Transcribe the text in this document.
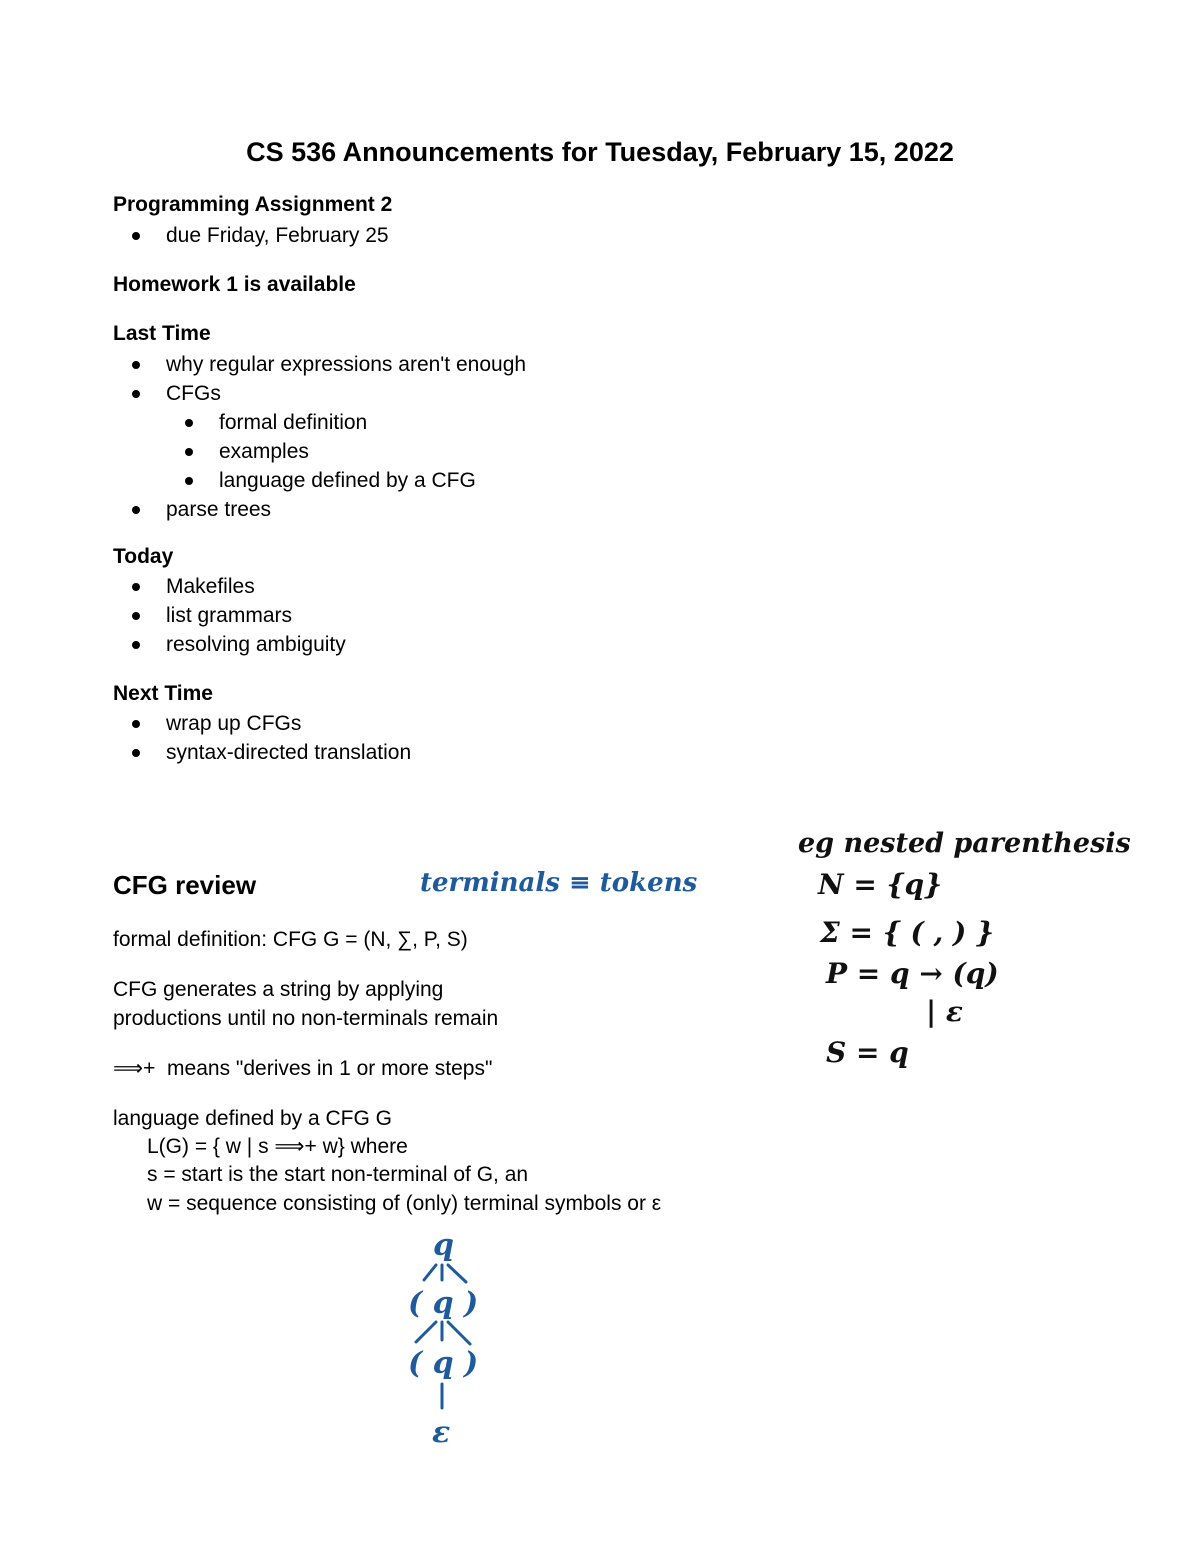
CS 536 Announcements for Tuesday, February 15, 2022
Programming Assignment 2
due Friday, February 25
Homework 1 is available
Last Time
why regular expressions aren't enough
CFGs
formal definition
examples
language defined by a CFG
parse trees
Today
Makefiles
list grammars
resolving ambiguity
Next Time
wrap up CFGs
syntax-directed translation
CFG review
formal definition: CFG G = (N, ∑, P, S)
CFG generates a string by applying
productions until no non-terminals remain
⟹+  means "derives in 1 or more steps"
language defined by a CFG G
L(G) = { w | s ⟹+ w} where
s = start is the start non-terminal of G, an
w = sequence consisting of (only) terminal symbols or ε
terminals ≡ tokens
eg nested parenthesis
N = {q}
Σ = { ( , ) }
P = q → (q)
| ε
S = q
q
( q )
( q )
ε
